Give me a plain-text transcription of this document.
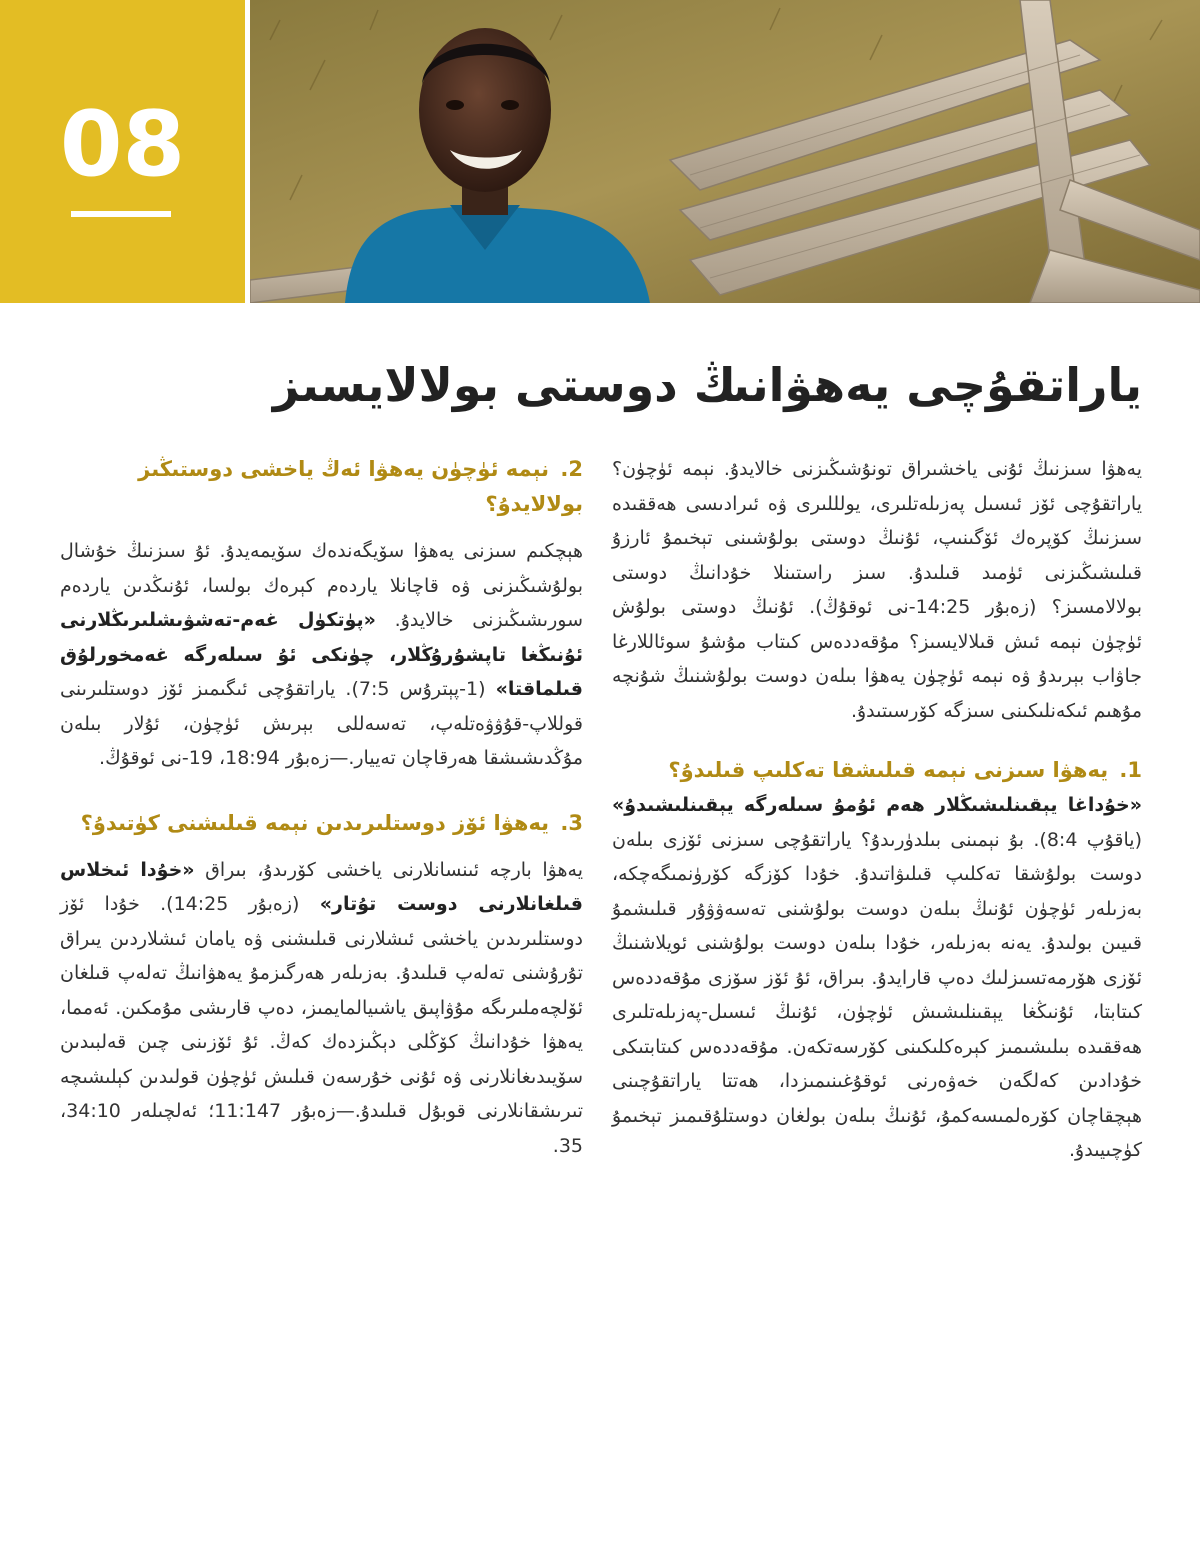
08
ياراتقۇچى يەھۋانىڭ دوستى بولالايسىز

يەھۋا سىزنىڭ ئۇنى ياخشىراق تونۇشىڭىزنى خالايدۇ. نېمە ئۈچۈن؟ ياراتقۇچى ئۆز ئىسىل پەزىلەتلىرى، يولللىرى ۋە ئىرادىسى ھەققىدە سىزنىڭ كۆپرەك ئۆگىنىپ، ئۇنىڭ دوستى بولۇشىنى تېخىمۇ ئارزۇ قىلىشىڭىزنى ئۈمىد قىلىدۇ. سىز راستىنلا خۇدانىڭ دوستى بولالامسىز؟ (زەبۇر 14:25-نى ئوقۇڭ). ئۇنىڭ دوستى بولۇش ئۈچۈن نېمە ئىش قىلالايسىز؟ مۇقەددەس كىتاب مۇشۇ سوئاللارغا جاۋاب بېرىدۇ ۋە نېمە ئۈچۈن يەھۋا بىلەن دوست بولۇشنىڭ شۇنچە مۇھىم ئىكەنلىكىنى سىزگە كۆرسىتىدۇ.

1. يەھۋا سىزنى نېمە قىلىشقا تەكلىپ قىلىدۇ؟

«خۇداغا يېقىنلىشىڭلار ھەم ئۇمۇ سىلەرگە يېقىنلىشىدۇ» (ياقۇپ 8:4). بۇ نېمىنى بىلدۈرىدۇ؟ ياراتقۇچى سىزنى ئۆزى بىلەن دوست بولۇشقا تەكلىپ قىلىۋاتىدۇ. خۇدا كۆزگە كۆرۈنمىگەچكە، بەزىلەر ئۈچۈن ئۇنىڭ بىلەن دوست بولۇشنى تەسەۋۋۇر قىلىشمۇ قىيىن بولىدۇ. يەنە بەزىلەر، خۇدا بىلەن دوست بولۇشنى ئويلاشنىڭ ئۆزى ھۆرمەتسىزلىك دەپ قارايدۇ. بىراق، ئۇ ئۆز سۆزى مۇقەددەس كىتابتا، ئۇنىڭغا يېقىنلىشىش ئۈچۈن، ئۇنىڭ ئىسىل-پەزىلەتلىرى ھەققىدە بىلىشىمىز كېرەكلىكىنى كۆرسەتكەن. مۇقەددەس كىتابتىكى خۇدادىن كەلگەن خەۋەرنى ئوقۇغىنىمىزدا، ھەتتا ياراتقۇچىنى ھېچقاچان كۆرەلمىسەكمۇ، ئۇنىڭ بىلەن بولغان دوستلۇقىمىز تېخىمۇ كۈچىيىدۇ.

2. نېمە ئۈچۈن يەھۋا ئەڭ ياخشى دوستىڭىز بولالايدۇ؟

ھېچكىم سىزنى يەھۋا سۆيگەندەك سۆيمەيدۇ. ئۇ سىزنىڭ خۇشال بولۇشىڭىزنى ۋە قاچانلا ياردەم كېرەك بولسا، ئۇنىڭدىن ياردەم سورىشىڭىزنى خالايدۇ. «پۈتكۈل غەم-تەشۋىشلىرىڭلارنى ئۇنىڭغا تاپشۇرۇڭلار، چۈنكى ئۇ سىلەرگە غەمخورلۇق قىلماقتا» (1-پېترۇس 7:5). ياراتقۇچى ئىگىمىز ئۆز دوستلىرىنى قوللاپ-قۇۋۋەتلەپ، تەسەللى بېرىش ئۈچۈن، ئۇلار بىلەن مۇڭدىشىشقا ھەرقاچان تەييار.—زەبۇر 18:94، 19-نى ئوقۇڭ.

3. يەھۋا ئۆز دوستلىرىدىن نېمە قىلىشنى كۈتىدۇ؟

يەھۋا بارچە ئىنسانلارنى ياخشى كۆرىدۇ، بىراق «خۇدا ئىخلاس قىلغانلارنى دوست تۇتار» (زەبۇر 14:25). خۇدا ئۆز دوستلىرىدىن ياخشى ئىشلارنى قىلىشنى ۋە يامان ئىشلاردىن يىراق تۇرۇشنى تەلەپ قىلىدۇ. بەزىلەر ھەرگىزمۇ يەھۋانىڭ تەلەپ قىلغان ئۆلچەملىرىگە مۇۋاپىق ياشىيالمايمىز، دەپ قارىشى مۇمكىن. ئەمما، يەھۋا خۇدانىڭ كۆڭلى دېڭىزدەك كەڭ. ئۇ ئۆزىنى چىن قەلبىدىن سۆيىدىغانلارنى ۋە ئۇنى خۇرسەن قىلىش ئۈچۈن قولىدىن كېلىشىچە تىرىشقانلارنى قوبۇل قىلىدۇ.—زەبۇر 11:147؛ ئەلچىلەر 34:10، 35.
